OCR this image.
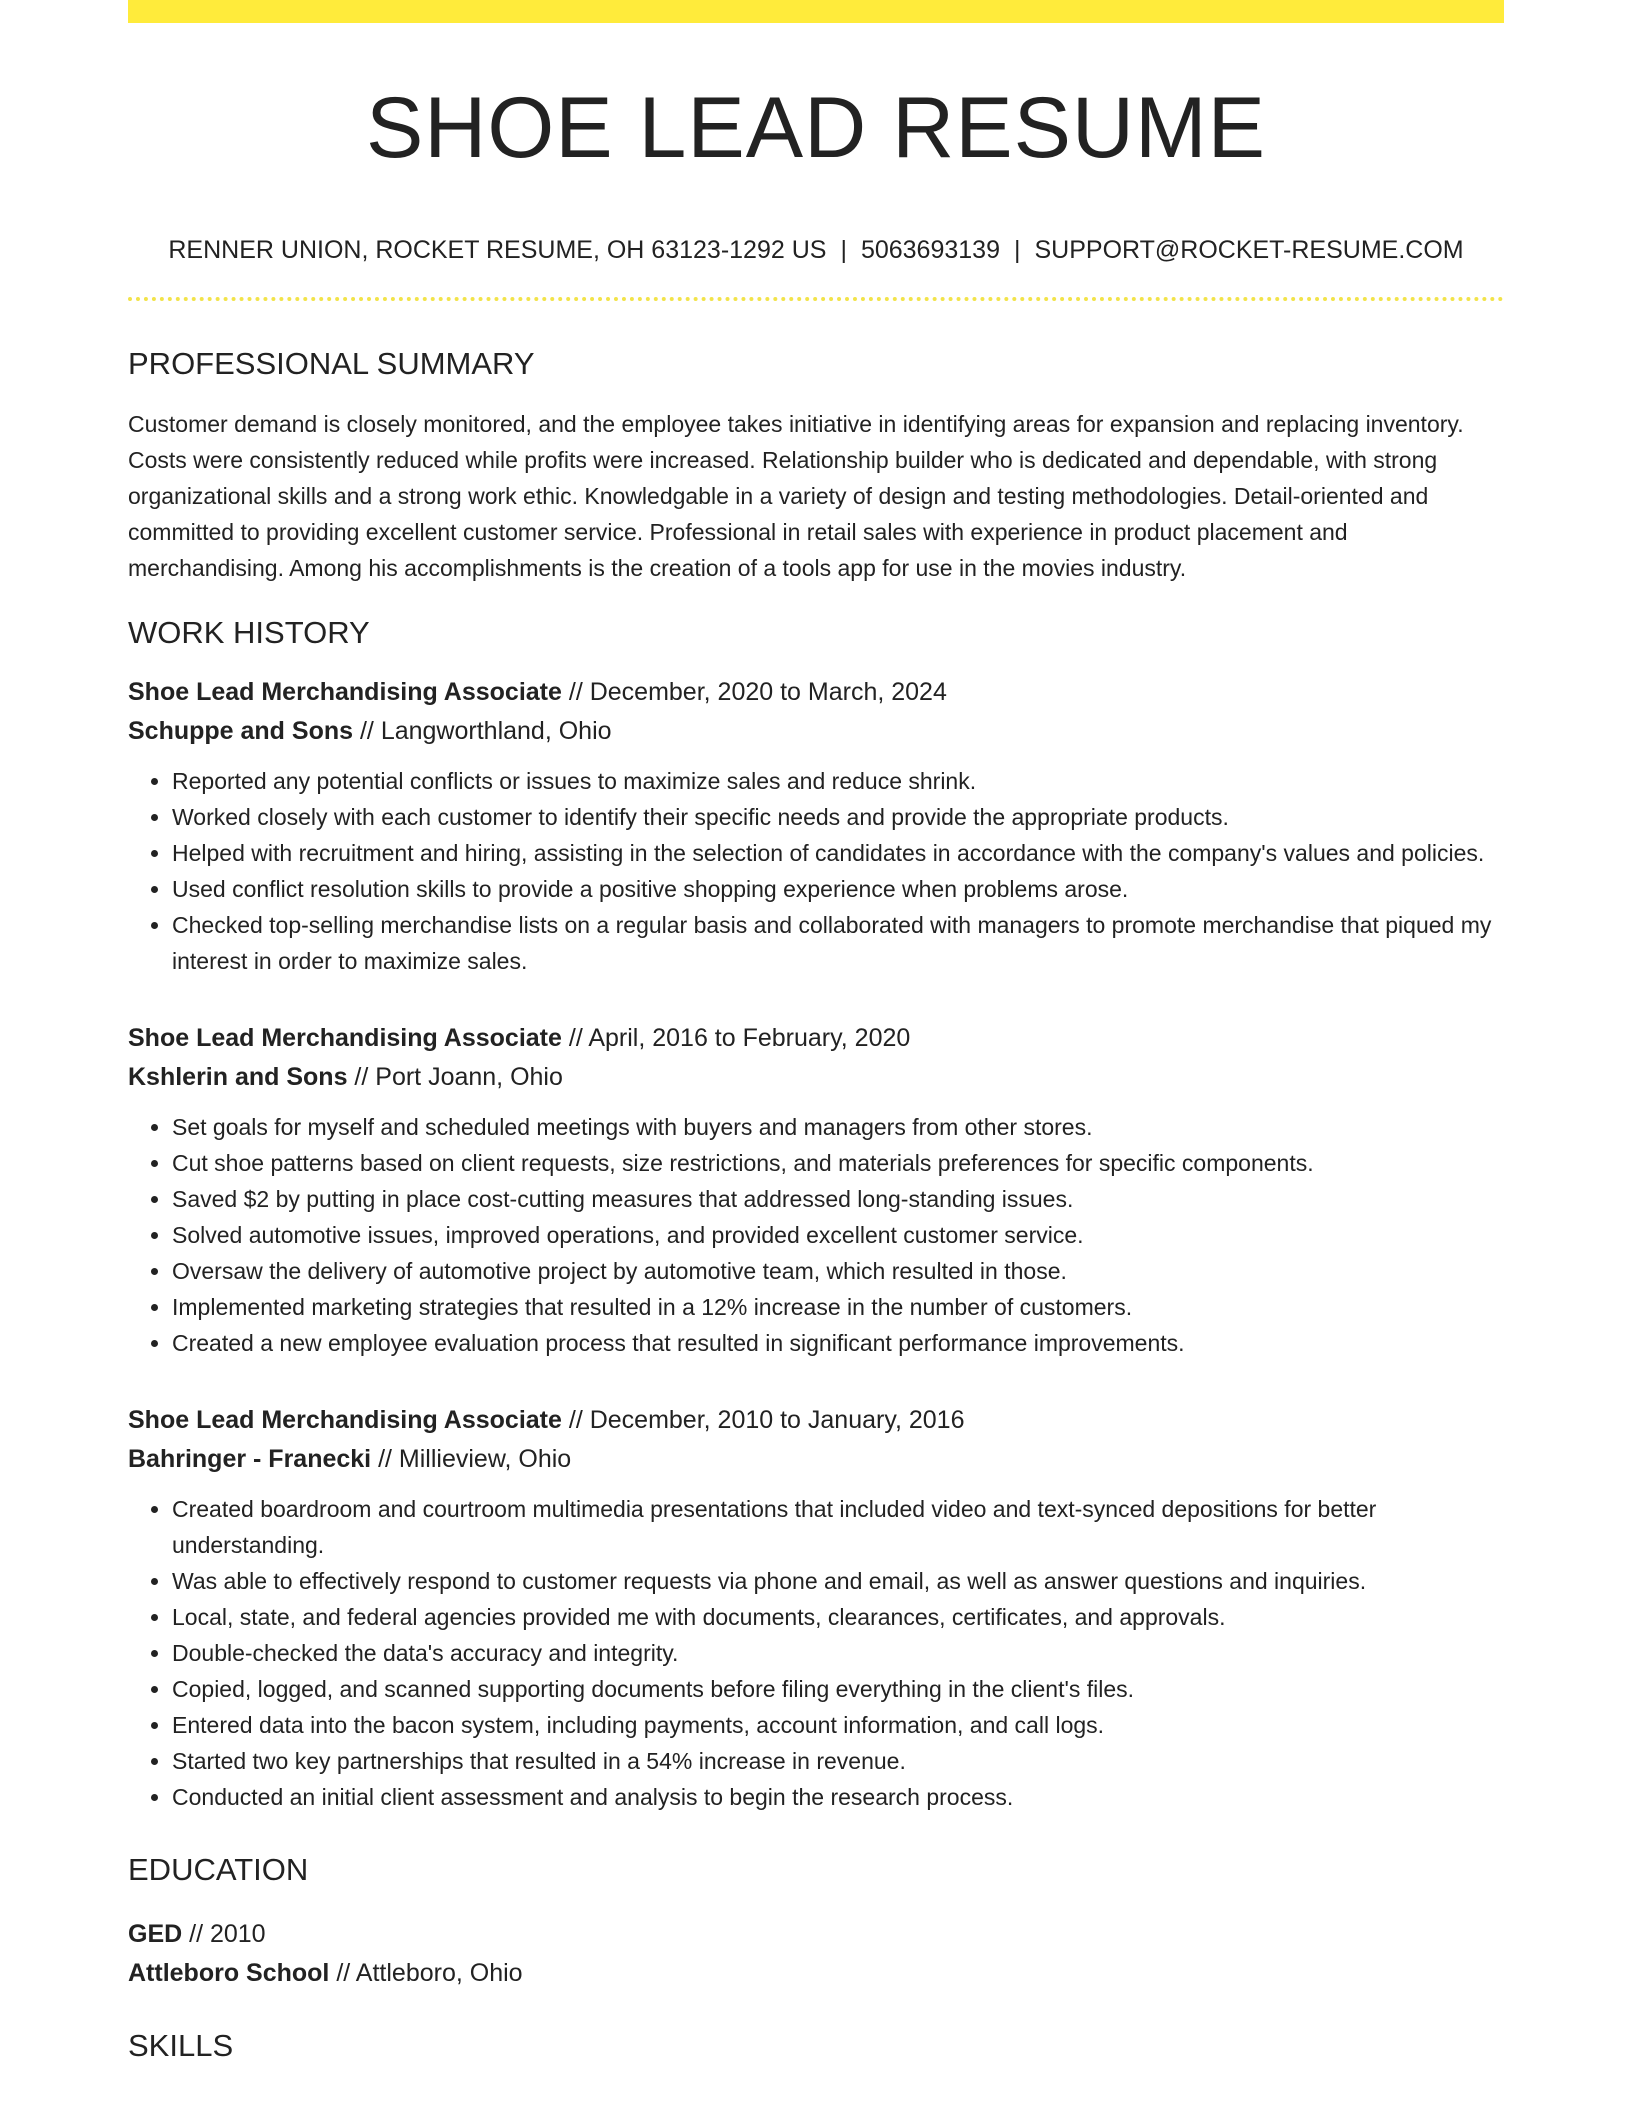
SHOE LEAD RESUME
RENNER UNION, ROCKET RESUME, OH 63123-1292 US | 5063693139 | SUPPORT@ROCKET-RESUME.COM
PROFESSIONAL SUMMARY

Customer demand is closely monitored, and the employee takes initiative in identifying areas for expansion and replacing inventory. Costs were consistently reduced while profits were increased. Relationship builder who is dedicated and dependable, with strong organizational skills and a strong work ethic. Knowledgable in a variety of design and testing methodologies. Detail-oriented and committed to providing excellent customer service. Professional in retail sales with experience in product placement and merchandising. Among his accomplishments is the creation of a tools app for use in the movies industry.

WORK HISTORY
Shoe Lead Merchandising Associate // December, 2020 to March, 2024
Schuppe and Sons // Langworthland, Ohio
• Reported any potential conflicts or issues to maximize sales and reduce shrink.
• Worked closely with each customer to identify their specific needs and provide the appropriate products.
• Helped with recruitment and hiring, assisting in the selection of candidates in accordance with the company's values and policies.
• Used conflict resolution skills to provide a positive shopping experience when problems arose.
• Checked top-selling merchandise lists on a regular basis and collaborated with managers to promote merchandise that piqued my interest in order to maximize sales.
Shoe Lead Merchandising Associate // April, 2016 to February, 2020
Kshlerin and Sons // Port Joann, Ohio
• Set goals for myself and scheduled meetings with buyers and managers from other stores.
• Cut shoe patterns based on client requests, size restrictions, and materials preferences for specific components.
• Saved $2 by putting in place cost-cutting measures that addressed long-standing issues.
• Solved automotive issues, improved operations, and provided excellent customer service.
• Oversaw the delivery of automotive project by automotive team, which resulted in those.
• Implemented marketing strategies that resulted in a 12% increase in the number of customers.
• Created a new employee evaluation process that resulted in significant performance improvements.
Shoe Lead Merchandising Associate // December, 2010 to January, 2016
Bahringer - Franecki // Millieview, Ohio
• Created boardroom and courtroom multimedia presentations that included video and text-synced depositions for better understanding.
• Was able to effectively respond to customer requests via phone and email, as well as answer questions and inquiries.
• Local, state, and federal agencies provided me with documents, clearances, certificates, and approvals.
• Double-checked the data's accuracy and integrity.
• Copied, logged, and scanned supporting documents before filing everything in the client's files.
• Entered data into the bacon system, including payments, account information, and call logs.
• Started two key partnerships that resulted in a 54% increase in revenue.
• Conducted an initial client assessment and analysis to begin the research process.
EDUCATION
GED // 2010
Attleboro School // Attleboro, Ohio
SKILLS
